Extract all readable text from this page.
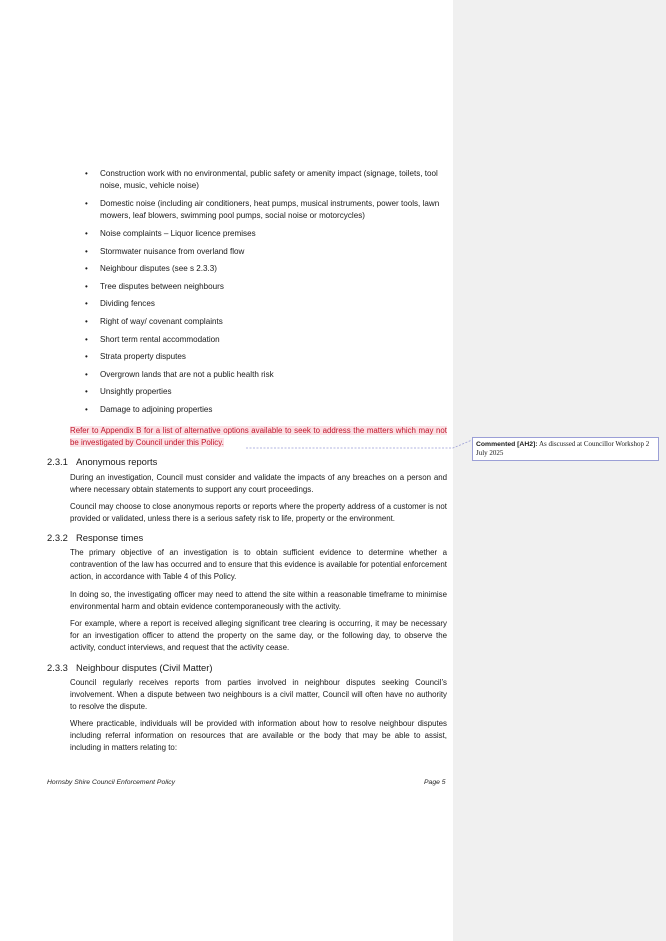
• Construction work with no environmental, public safety or amenity impact (signage, toilets, tool noise, music, vehicle noise)
• Domestic noise (including air conditioners, heat pumps, musical instruments, power tools, lawn mowers, leaf blowers, swimming pool pumps, social noise or motorcycles)
• Noise complaints – Liquor licence premises
• Stormwater nuisance from overland flow
• Neighbour disputes (see s 2.3.3)
• Tree disputes between neighbours
• Dividing fences
• Right of way/ covenant complaints
• Short term rental accommodation
• Strata property disputes
• Overgrown lands that are not a public health risk
• Unsightly properties
• Damage to adjoining properties

Refer to Appendix B for a list of alternative options available to seek to address the matters which may not be investigated by Council under this Policy.

2.3.1 Anonymous reports

During an investigation, Council must consider and validate the impacts of any breaches on a person and where necessary obtain statements to support any court proceedings.

Council may choose to close anonymous reports or reports where the property address of a customer is not provided or validated, unless there is a serious safety risk to life, property or the environment.

2.3.2 Response times

The primary objective of an investigation is to obtain sufficient evidence to determine whether a contravention of the law has occurred and to ensure that this evidence is available for potential enforcement action, in accordance with Table 4 of this Policy.

In doing so, the investigating officer may need to attend the site within a reasonable timeframe to minimise environmental harm and obtain evidence contemporaneously with the activity.

For example, where a report is received alleging significant tree clearing is occurring, it may be necessary for an investigation officer to attend the property on the same day, or the following day, to observe the activity, conduct interviews, and request that the activity cease.

2.3.3 Neighbour disputes (Civil Matter)

Council regularly receives reports from parties involved in neighbour disputes seeking Council’s involvement. When a dispute between two neighbours is a civil matter, Council will often have no authority to resolve the dispute.

Where practicable, individuals will be provided with information about how to resolve neighbour disputes including referral information on resources that are available or the body that may be able to assist, including in matters relating to:

Hornsby Shire Council Enforcement Policy	Page 5
Commented [AH2]: As discussed at Councillor Workshop 2 July 2025
